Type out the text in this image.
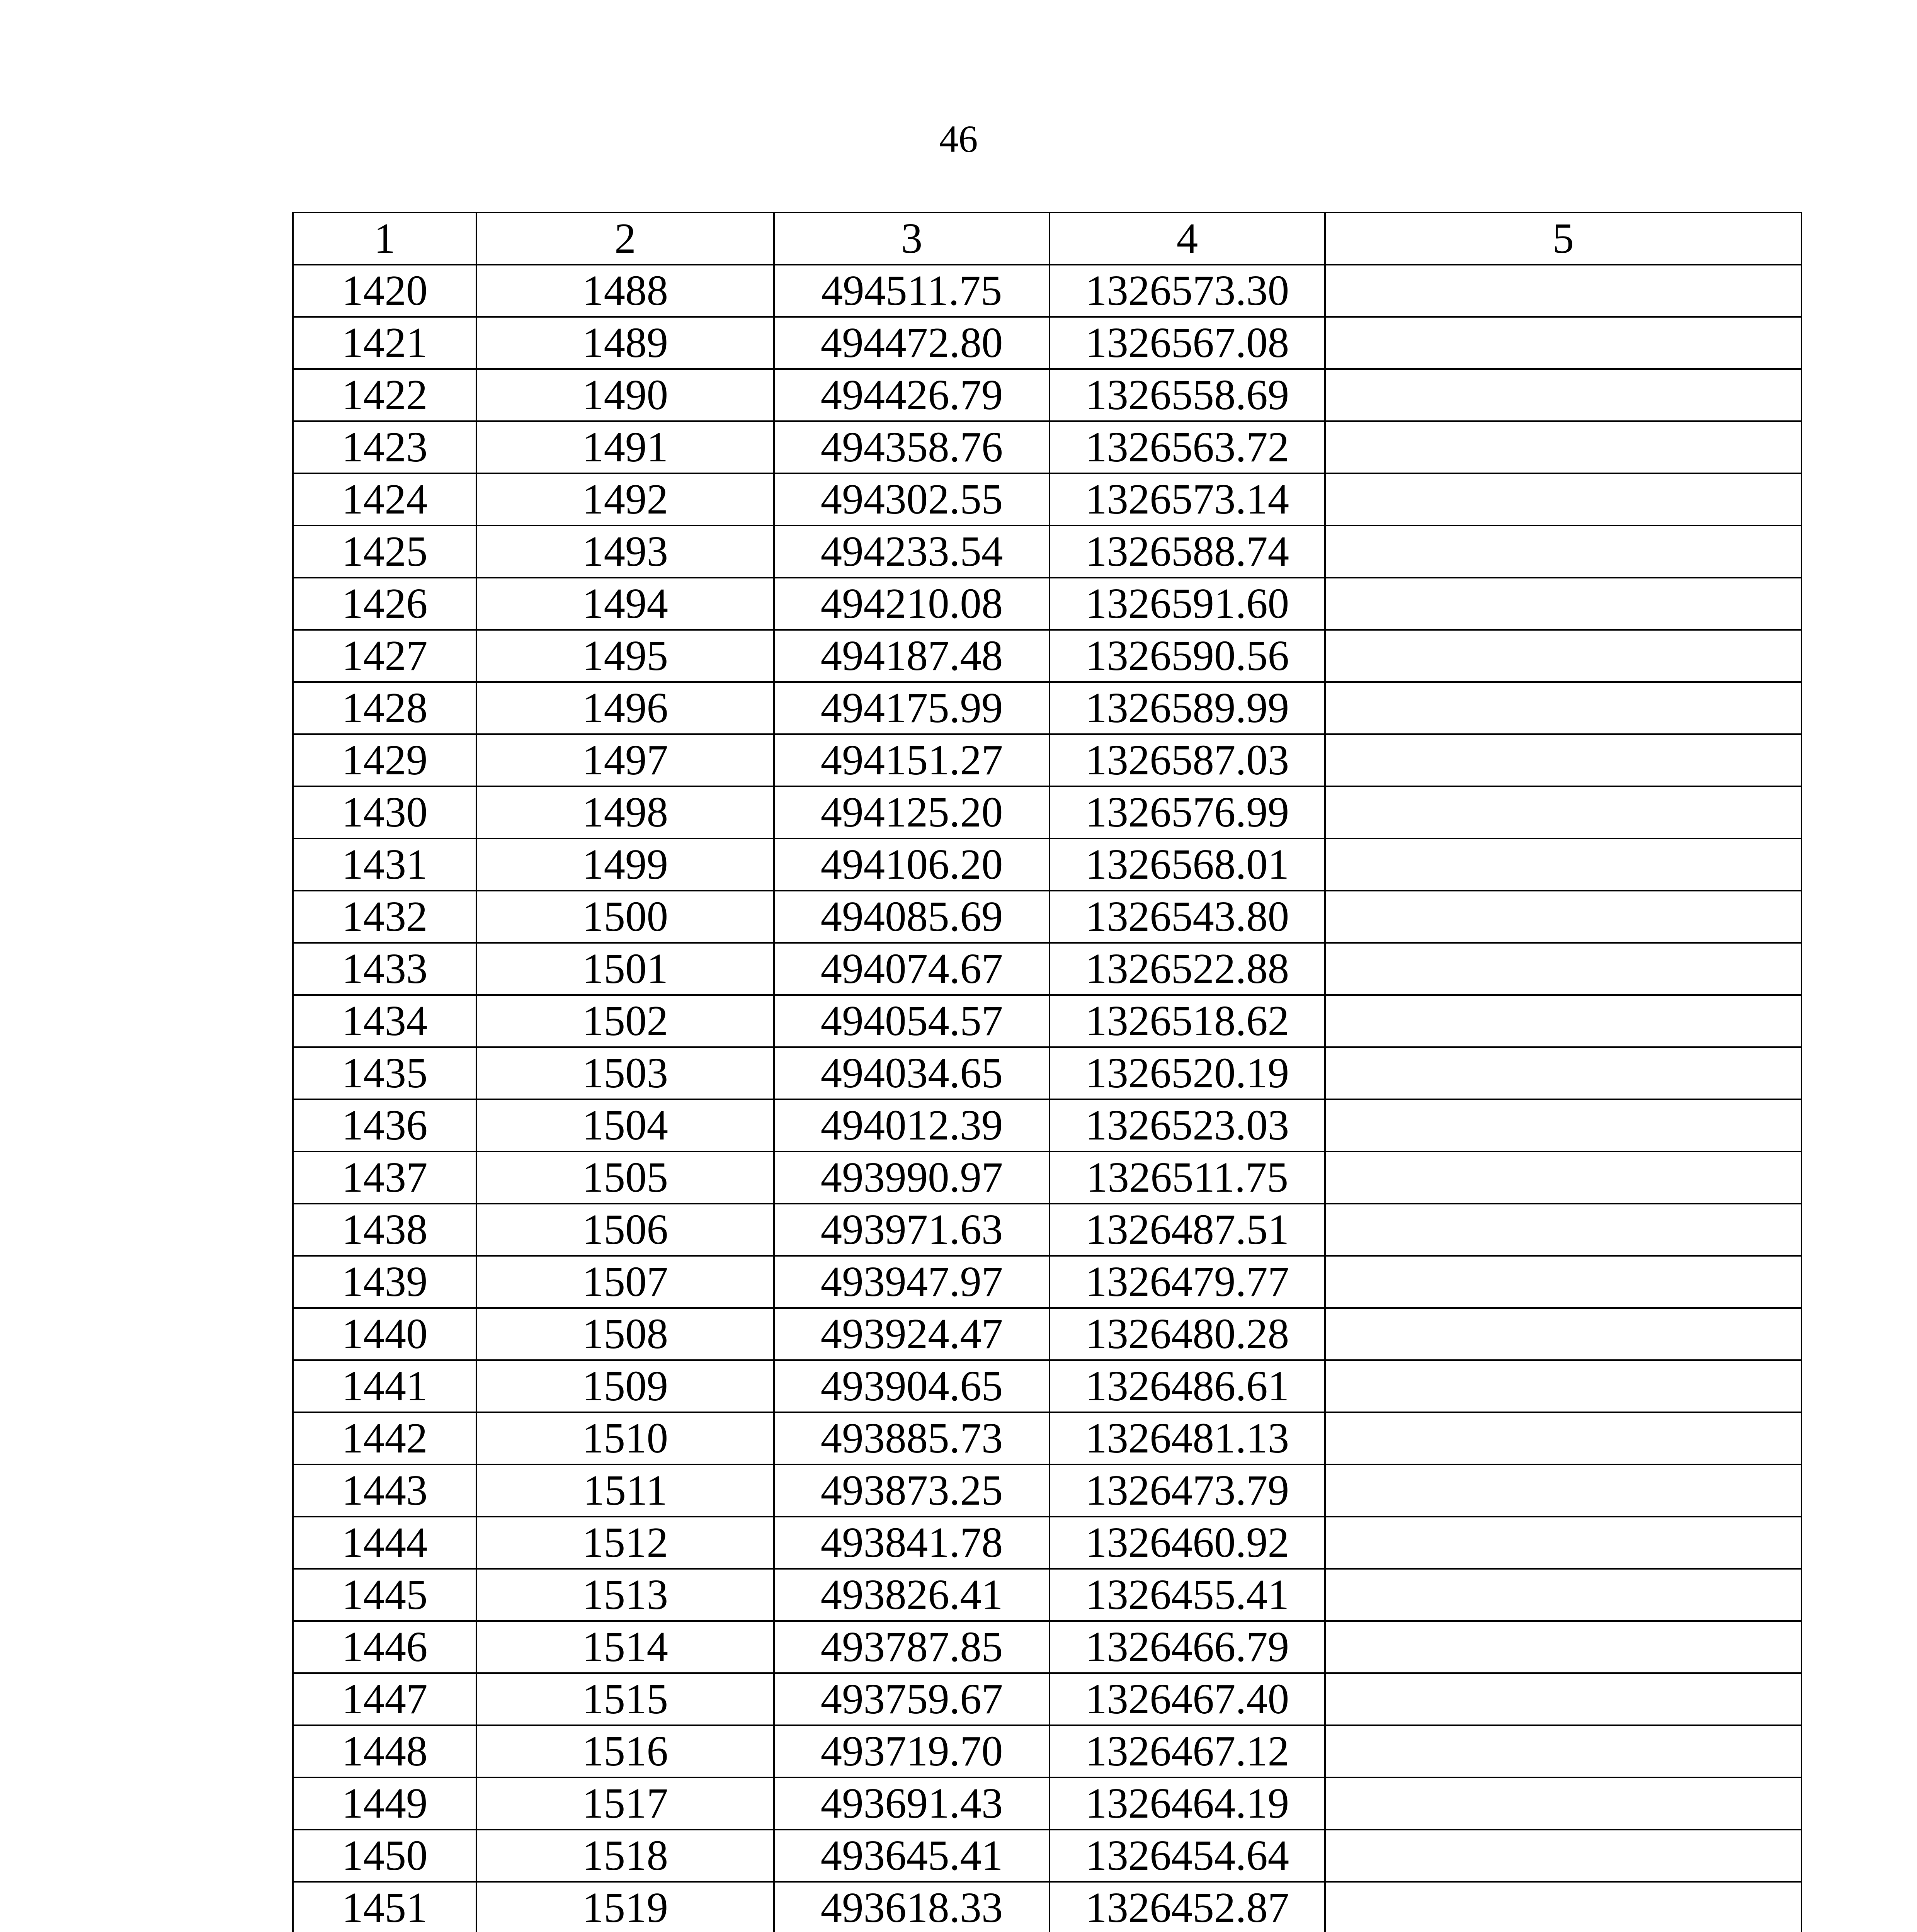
46
1	2	3	4	5
1420	1488	494511.75	1326573.30	
1421	1489	494472.80	1326567.08	
1422	1490	494426.79	1326558.69	
1423	1491	494358.76	1326563.72	
1424	1492	494302.55	1326573.14	
1425	1493	494233.54	1326588.74	
1426	1494	494210.08	1326591.60	
1427	1495	494187.48	1326590.56	
1428	1496	494175.99	1326589.99	
1429	1497	494151.27	1326587.03	
1430	1498	494125.20	1326576.99	
1431	1499	494106.20	1326568.01	
1432	1500	494085.69	1326543.80	
1433	1501	494074.67	1326522.88	
1434	1502	494054.57	1326518.62	
1435	1503	494034.65	1326520.19	
1436	1504	494012.39	1326523.03	
1437	1505	493990.97	1326511.75	
1438	1506	493971.63	1326487.51	
1439	1507	493947.97	1326479.77	
1440	1508	493924.47	1326480.28	
1441	1509	493904.65	1326486.61	
1442	1510	493885.73	1326481.13	
1443	1511	493873.25	1326473.79	
1444	1512	493841.78	1326460.92	
1445	1513	493826.41	1326455.41	
1446	1514	493787.85	1326466.79	
1447	1515	493759.67	1326467.40	
1448	1516	493719.70	1326467.12	
1449	1517	493691.43	1326464.19	
1450	1518	493645.41	1326454.64	
1451	1519	493618.33	1326452.87	
